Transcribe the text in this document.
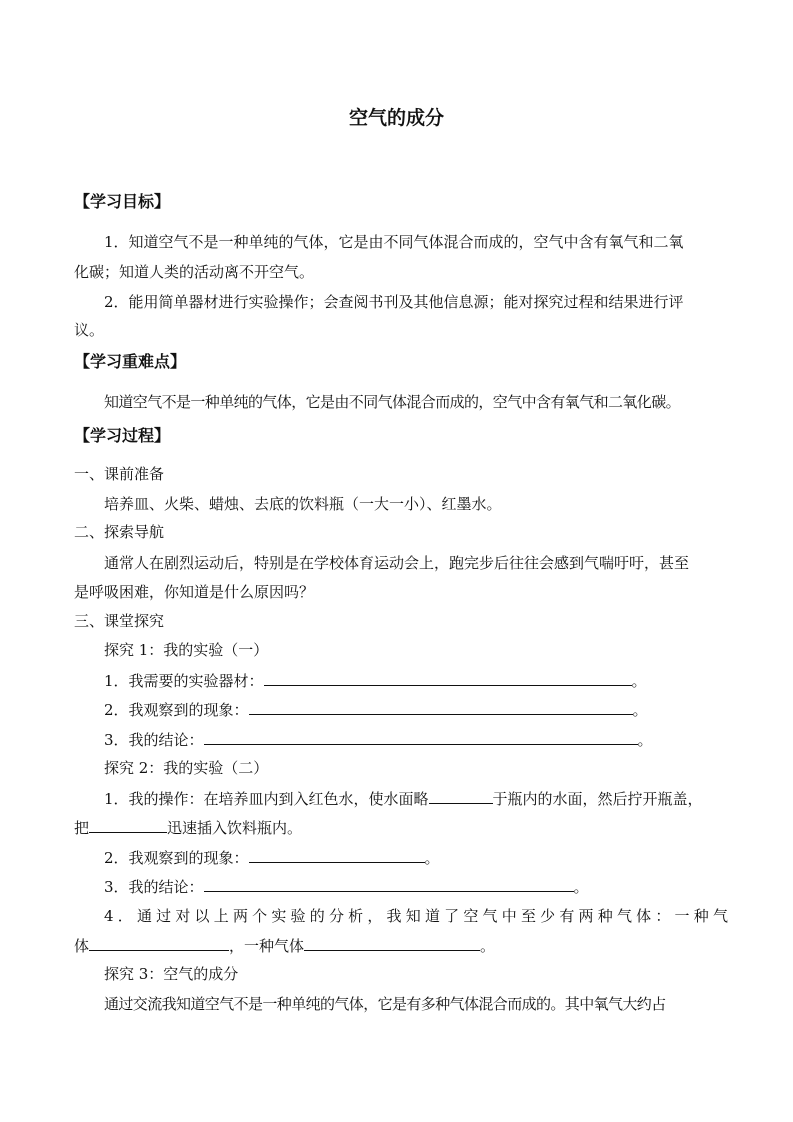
空气的成分
【学习目标】
1．知道空气不是一种单纯的气体，它是由不同气体混合而成的，空气中含有氧气和二氧
化碳；知道人类的活动离不开空气。
2．能用简单器材进行实验操作；会查阅书刊及其他信息源；能对探究过程和结果进行评
议。
【学习重难点】
知道空气不是一种单纯的气体，它是由不同气体混合而成的，空气中含有氧气和二氧化碳。
【学习过程】
一、课前准备
培养皿、火柴、蜡烛、去底的饮料瓶（一大一小）、红墨水。
二、探索导航
通常人在剧烈运动后，特别是在学校体育运动会上，跑完步后往往会感到气喘吁吁，甚至
是呼吸困难，你知道是什么原因吗？
三、课堂探究
探究 1：我的实验（一）
1．我需要的实验器材：	。
2．我观察到的现象：	。
3．我的结论：	。
探究 2：我的实验（二）
1．我的操作：在培养皿内到入红色水，使水面略	于瓶内的水面，然后拧开瓶盖，
把	迅速插入饮料瓶内。
2．我观察到的现象：	。
3．我的结论：	。
4．通过对以上两个实验的分析，我知道了空气中至少有两种气体：一种气
体	，一种气体	。
探究 3：空气的成分
通过交流我知道空气不是一种单纯的气体，它是有多种气体混合而成的。其中氧气大约占
